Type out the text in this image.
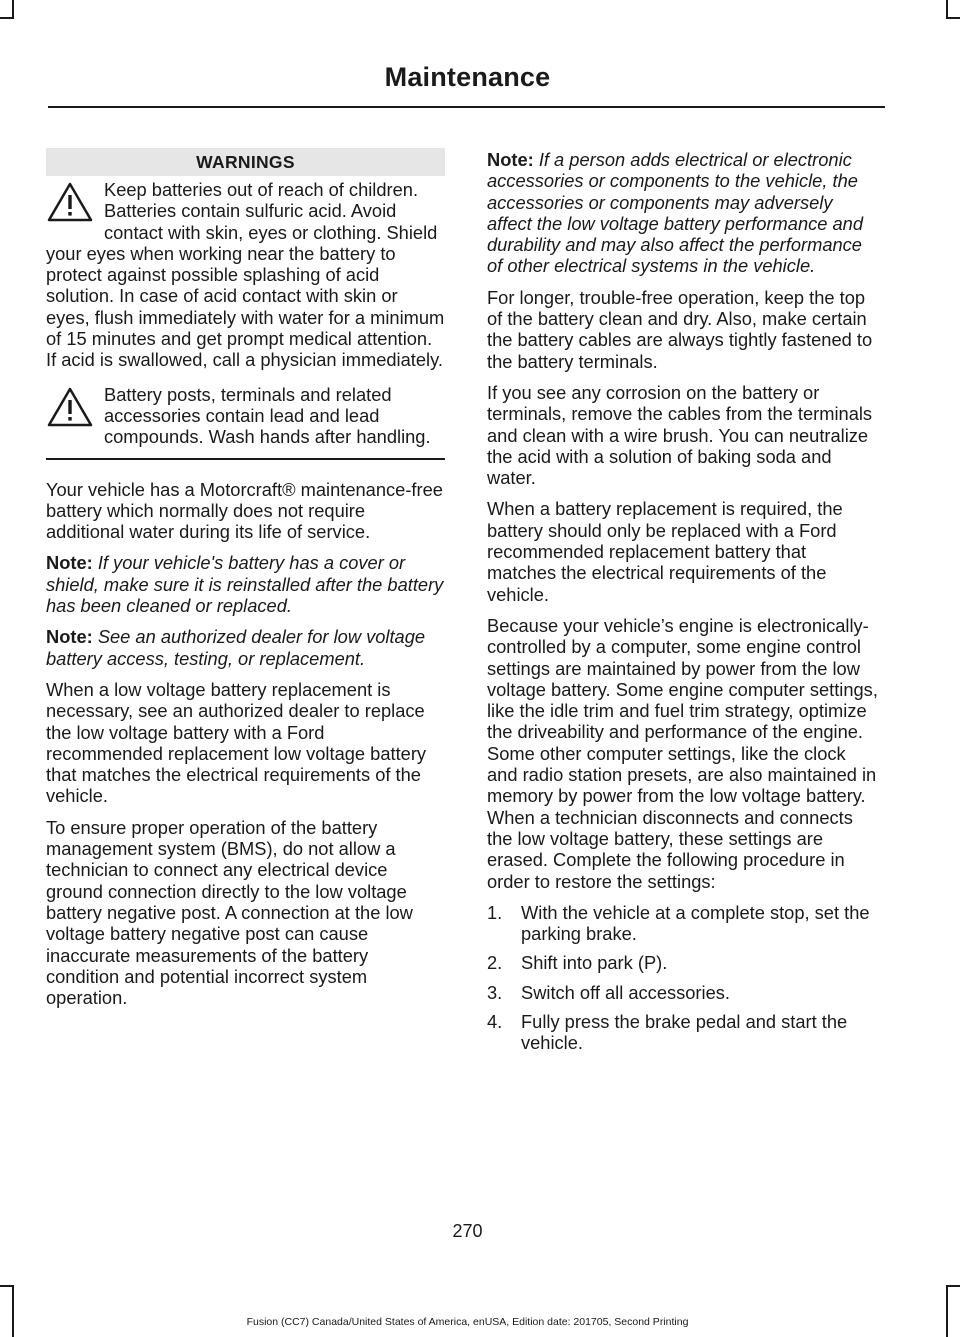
Maintenance
WARNINGS

Keep batteries out of reach of children. Batteries contain sulfuric acid. Avoid contact with skin, eyes or clothing. Shield your eyes when working near the battery to protect against possible splashing of acid solution. In case of acid contact with skin or eyes, flush immediately with water for a minimum of 15 minutes and get prompt medical attention. If acid is swallowed, call a physician immediately.

Battery posts, terminals and related accessories contain lead and lead compounds. Wash hands after handling.

Your vehicle has a Motorcraft® maintenance-free battery which normally does not require additional water during its life of service.

Note: If your vehicle's battery has a cover or shield, make sure it is reinstalled after the battery has been cleaned or replaced.

Note: See an authorized dealer for low voltage battery access, testing, or replacement.

When a low voltage battery replacement is necessary, see an authorized dealer to replace the low voltage battery with a Ford recommended replacement low voltage battery that matches the electrical requirements of the vehicle.

To ensure proper operation of the battery management system (BMS), do not allow a technician to connect any electrical device ground connection directly to the low voltage battery negative post. A connection at the low voltage battery negative post can cause inaccurate measurements of the battery condition and potential incorrect system operation.

Note: If a person adds electrical or electronic accessories or components to the vehicle, the accessories or components may adversely affect the low voltage battery performance and durability and may also affect the performance of other electrical systems in the vehicle.

For longer, trouble-free operation, keep the top of the battery clean and dry. Also, make certain the battery cables are always tightly fastened to the battery terminals.

If you see any corrosion on the battery or terminals, remove the cables from the terminals and clean with a wire brush. You can neutralize the acid with a solution of baking soda and water.

When a battery replacement is required, the battery should only be replaced with a Ford recommended replacement battery that matches the electrical requirements of the vehicle.

Because your vehicle’s engine is electronically-controlled by a computer, some engine control settings are maintained by power from the low voltage battery. Some engine computer settings, like the idle trim and fuel trim strategy, optimize the driveability and performance of the engine. Some other computer settings, like the clock and radio station presets, are also maintained in memory by power from the low voltage battery. When a technician disconnects and connects the low voltage battery, these settings are erased. Complete the following procedure in order to restore the settings:

1. With the vehicle at a complete stop, set the parking brake.
2. Shift into park (P).
3. Switch off all accessories.
4. Fully press the brake pedal and start the vehicle.
270
Fusion (CC7) Canada/United States of America, enUSA, Edition date: 201705, Second Printing
